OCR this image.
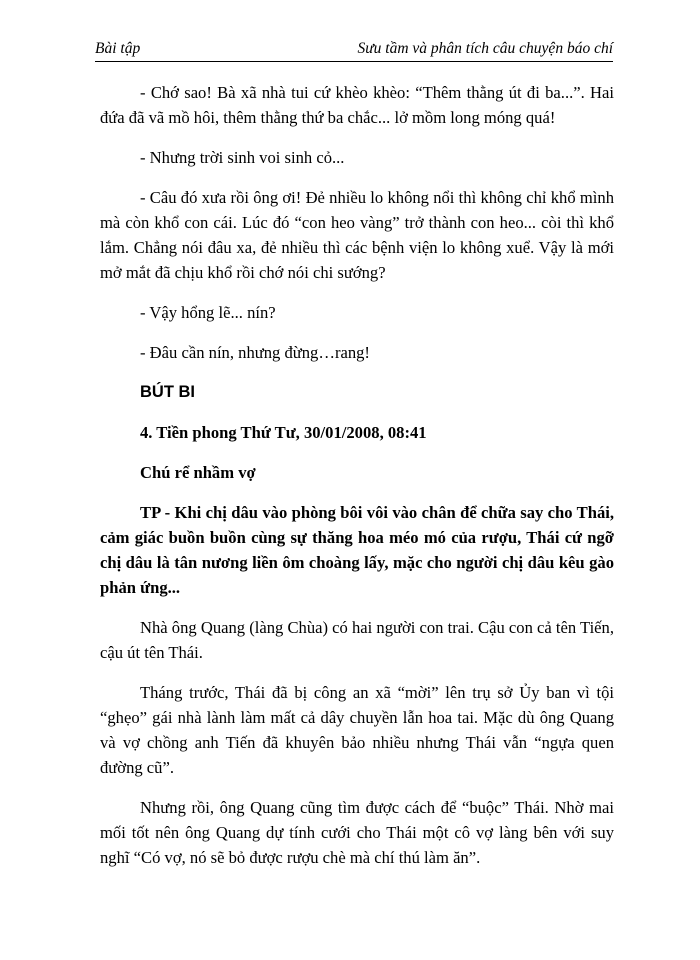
Bài tập	Sưu tầm và phân tích câu chuyện báo chí

- Chớ sao! Bà xã nhà tui cứ khèo khèo: “Thêm thằng út đi ba...”. Hai đứa đã vã mồ hôi, thêm thằng thứ ba chắc... lở mồm long móng quá!

- Nhưng trời sinh voi sinh cỏ...

- Câu đó xưa rồi ông ơi! Đẻ nhiều lo không nổi thì không chỉ khổ mình mà còn khổ con cái. Lúc đó “con heo vàng” trở thành con heo... còi thì khổ lắm. Chẳng nói đâu xa, đẻ nhiều thì các bệnh viện lo không xuể. Vậy là mới mở mắt đã chịu khổ rồi chớ nói chi sướng?

- Vậy hổng lẽ... nín?

- Đâu cần nín, nhưng đừng…rang!

BÚT BI

4. Tiền phong Thứ Tư, 30/01/2008, 08:41

Chú rể nhầm vợ

TP - Khi chị dâu vào phòng bôi vôi vào chân để chữa say cho Thái, cảm giác buồn buồn cùng sự thăng hoa méo mó của rượu, Thái cứ ngỡ chị dâu là tân nương liền ôm choàng lấy, mặc cho người chị dâu kêu gào phản ứng...

Nhà ông Quang (làng Chùa) có hai người con trai. Cậu con cả tên Tiến, cậu út tên Thái.

Tháng trước, Thái đã bị công an xã “mời” lên trụ sở Ủy ban vì tội “ghẹo” gái nhà lành làm mất cả dây chuyền lẫn hoa tai. Mặc dù ông Quang và vợ chồng anh Tiến đã khuyên bảo nhiều nhưng Thái vẫn “ngựa quen đường cũ”.

Nhưng rồi, ông Quang cũng tìm được cách để “buộc” Thái. Nhờ mai mối tốt nên ông Quang dự tính cưới cho Thái một cô vợ làng bên với suy nghĩ “Có vợ, nó sẽ bỏ được rượu chè mà chí thú làm ăn”.
